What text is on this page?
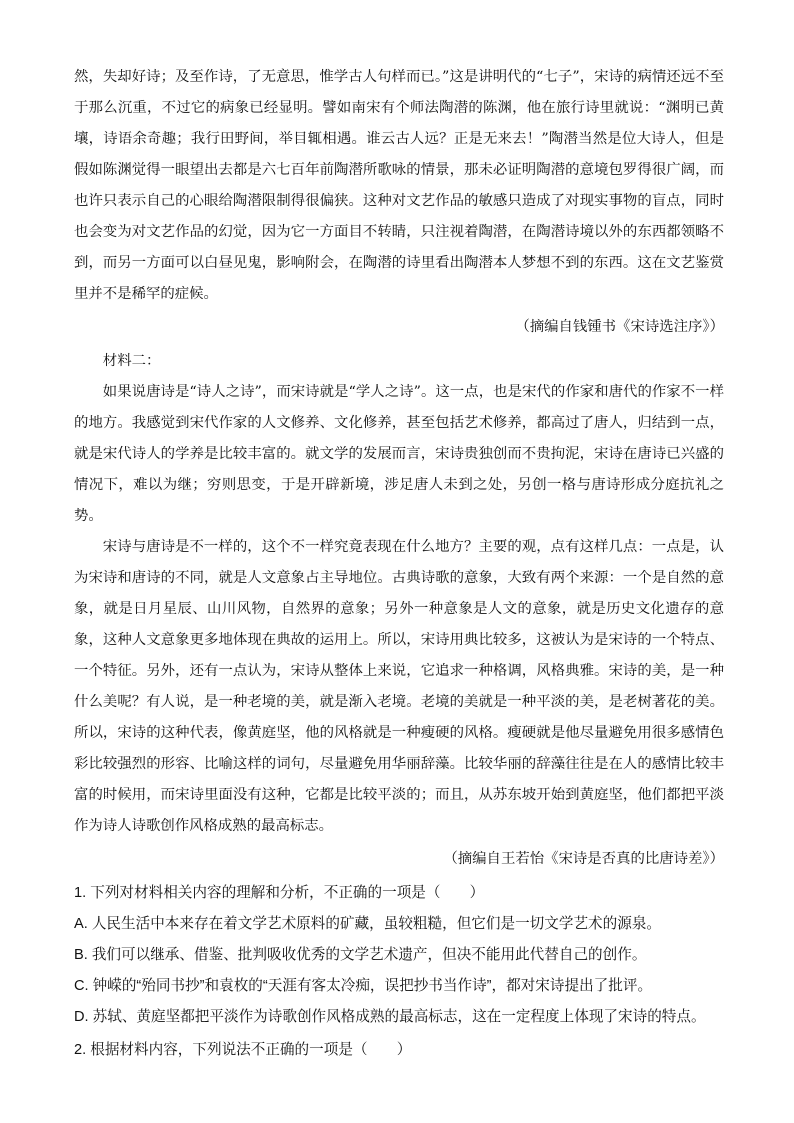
然，失却好诗；及至作诗，了无意思，惟学古人句样而已。”这是讲明代的“七子”，宋诗的病情还远不至于那么沉重，不过它的病象已经显明。譬如南宋有个师法陶潜的陈渊，他在旅行诗里就说：“渊明已黄壤，诗语余奇趣；我行田野间，举目辄相遇。谁云古人远？正是无来去！”陶潜当然是位大诗人，但是假如陈渊觉得一眼望出去都是六七百年前陶潜所歌咏的情景，那未必证明陶潜的意境包罗得很广阔，而也许只表示自己的心眼给陶潜限制得很偏狭。这种对文艺作品的敏感只造成了对现实事物的盲点，同时也会变为对文艺作品的幻觉，因为它一方面目不转睛，只注视着陶潜，在陶潜诗境以外的东西都领略不到，而另一方面可以白昼见鬼，影响附会，在陶潜的诗里看出陶潜本人梦想不到的东西。这在文艺鉴赏里并不是稀罕的症候。

（摘编自钱锺书《宋诗选注序》）

材料二：

如果说唐诗是“诗人之诗”，而宋诗就是“学人之诗”。这一点，也是宋代的作家和唐代的作家不一样的地方。我感觉到宋代作家的人文修养、文化修养，甚至包括艺术修养，都高过了唐人，归结到一点，就是宋代诗人的学养是比较丰富的。就文学的发展而言，宋诗贵独创而不贵拘泥，宋诗在唐诗已兴盛的情况下，难以为继；穷则思变，于是开辟新境，涉足唐人未到之处，另创一格与唐诗形成分庭抗礼之势。

宋诗与唐诗是不一样的，这个不一样究竟表现在什么地方？主要的观，点有这样几点：一点是，认为宋诗和唐诗的不同，就是人文意象占主导地位。古典诗歌的意象，大致有两个来源：一个是自然的意象，就是日月星辰、山川风物，自然界的意象；另外一种意象是人文的意象，就是历史文化遗存的意象，这种人文意象更多地体现在典故的运用上。所以，宋诗用典比较多，这被认为是宋诗的一个特点、一个特征。另外，还有一点认为，宋诗从整体上来说，它追求一种格调，风格典雅。宋诗的美，是一种什么美呢？有人说，是一种老境的美，就是渐入老境。老境的美就是一种平淡的美，是老树著花的美。所以，宋诗的这种代表，像黄庭坚，他的风格就是一种瘦硬的风格。瘦硬就是他尽量避免用很多感情色彩比较强烈的形容、比喻这样的词句，尽量避免用华丽辞藻。比较华丽的辞藻往往是在人的感情比较丰富的时候用，而宋诗里面没有这种，它都是比较平淡的；而且，从苏东坡开始到黄庭坚，他们都把平淡作为诗人诗歌创作风格成熟的最高标志。

（摘编自王若怡《宋诗是否真的比唐诗差》）

1. 下列对材料相关内容的理解和分析，不正确的一项是（　　）

A. 人民生活中本来存在着文学艺术原料的矿藏，虽较粗糙，但它们是一切文学艺术的源泉。

B. 我们可以继承、借鉴、批判吸收优秀的文学艺术遗产，但决不能用此代替自己的创作。

C. 钟嵘的“殆同书抄”和袁枚的“天涯有客太冷痴，误把抄书当作诗”，都对宋诗提出了批评。

D. 苏轼、黄庭坚都把平淡作为诗歌创作风格成熟的最高标志，这在一定程度上体现了宋诗的特点。

2. 根据材料内容，下列说法不正确的一项是（　　）
